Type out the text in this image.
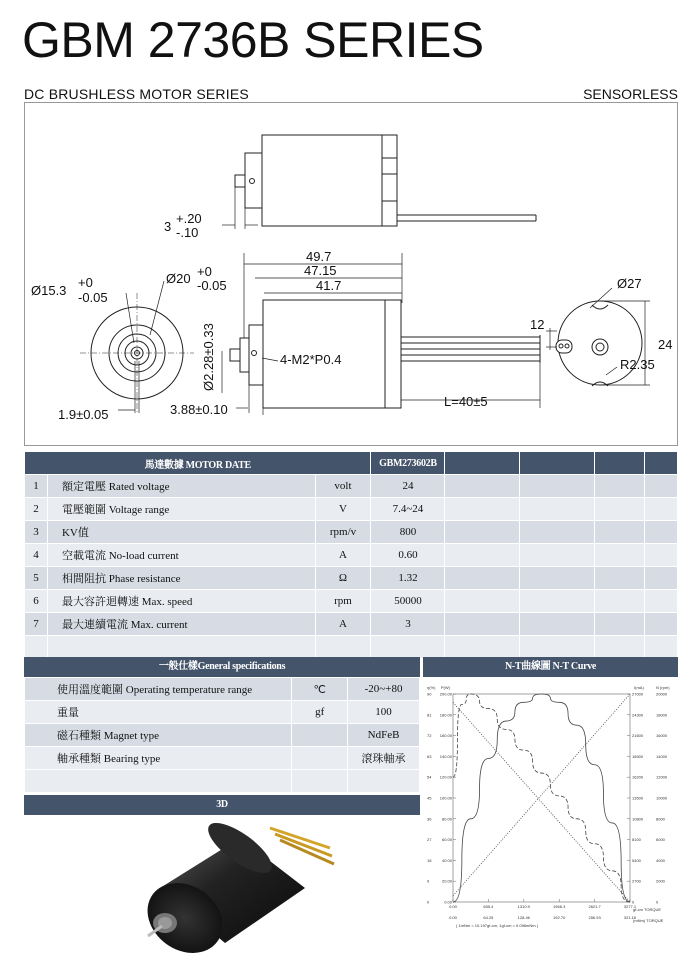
GBM 2736B SERIES
DC BRUSHLESS MOTOR SERIES	SENSORLESS
3
+.20
-.10
49.7
47.15
41.7
Ø2.28±0.33	4-M2*P0.4
L=40±5
3.88±0.10
Ø15.3
+0
-0.05
Ø20 +0
-0.05
1.9±0.05
Ø27
12
24
R2.35
馬達數據 MOTOR DATE			GBM273602B				
1	額定電壓 Rated voltage	volt	24				
2	電壓範圍 Voltage range	V	7.4~24				
3	KV值	rpm/v	800				
4	空載電流 No-load current	A	0.60				
5	相間阻抗 Phase resistance	Ω	1.32				
6	最大容許迴轉速 Max. speed	rpm	50000				
7	最大連續電流 Max. current	A	3				

一般仕樣General specifications	N-T曲線圖 N-T Curve
使用溫度範圍 Operating temperature range	℃	-20~+80
重量	gf	100
磁石種類 Magnet type		NdFeB
軸承種類 Bearing type		滾珠軸承

3D
0	0.00	0	0
9	20.00	2700	2000
18	40.00	5400	4000
27	60.00	8100	6000
36	80.00	10800	8000
45 100.00	13500	10000
54 120.00	16200	12000
63 140.00	18900	14000
72 160.00	21600	16000
81 180.00	24300	18000
90 200.00	27000	20000
η(%) P(W)	I(mA)	N (rpm)
0.00
0.00
655.4
64.25
1310.9
128.46
1966.3
192.70
2621.7
256.93
3277.1
321.16
gf-cm TORQUE
(mNm) TORQUE
( 1mNm = 10.197gf-cm, 1gf-cm = 0.098mNm )
